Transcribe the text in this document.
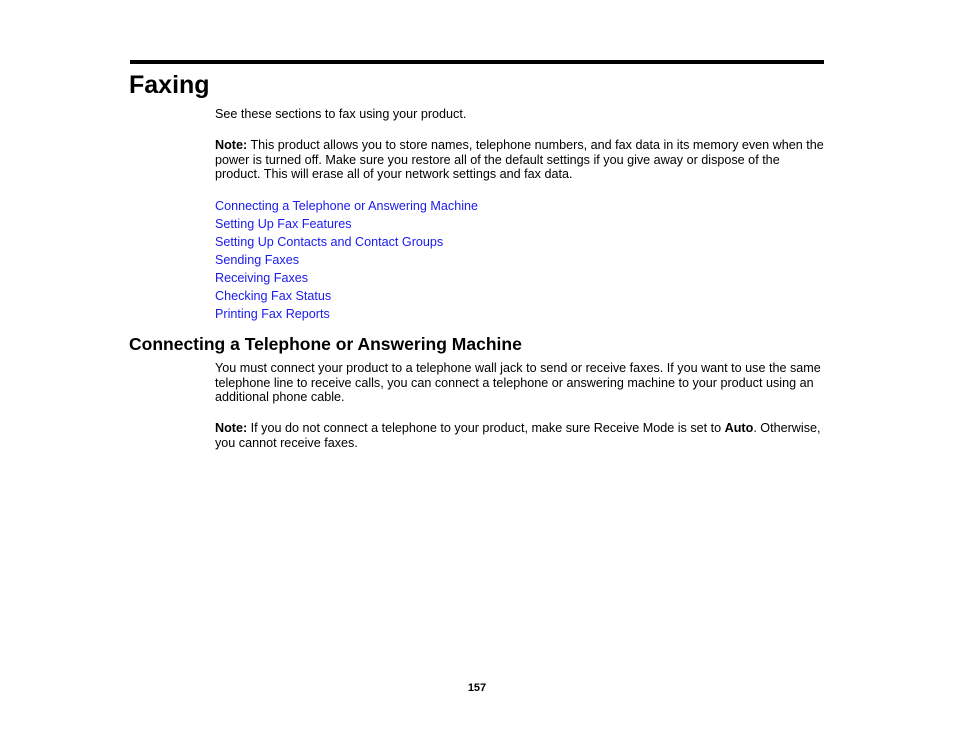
Faxing

See these sections to fax using your product.

Note: This product allows you to store names, telephone numbers, and fax data in its memory even when the power is turned off. Make sure you restore all of the default settings if you give away or dispose of the product. This will erase all of your network settings and fax data.

Connecting a Telephone or Answering Machine
Setting Up Fax Features
Setting Up Contacts and Contact Groups
Sending Faxes
Receiving Faxes
Checking Fax Status
Printing Fax Reports
Connecting a Telephone or Answering Machine

You must connect your product to a telephone wall jack to send or receive faxes. If you want to use the same telephone line to receive calls, you can connect a telephone or answering machine to your product using an additional phone cable.

Note: If you do not connect a telephone to your product, make sure Receive Mode is set to Auto. Otherwise, you cannot receive faxes.

157
